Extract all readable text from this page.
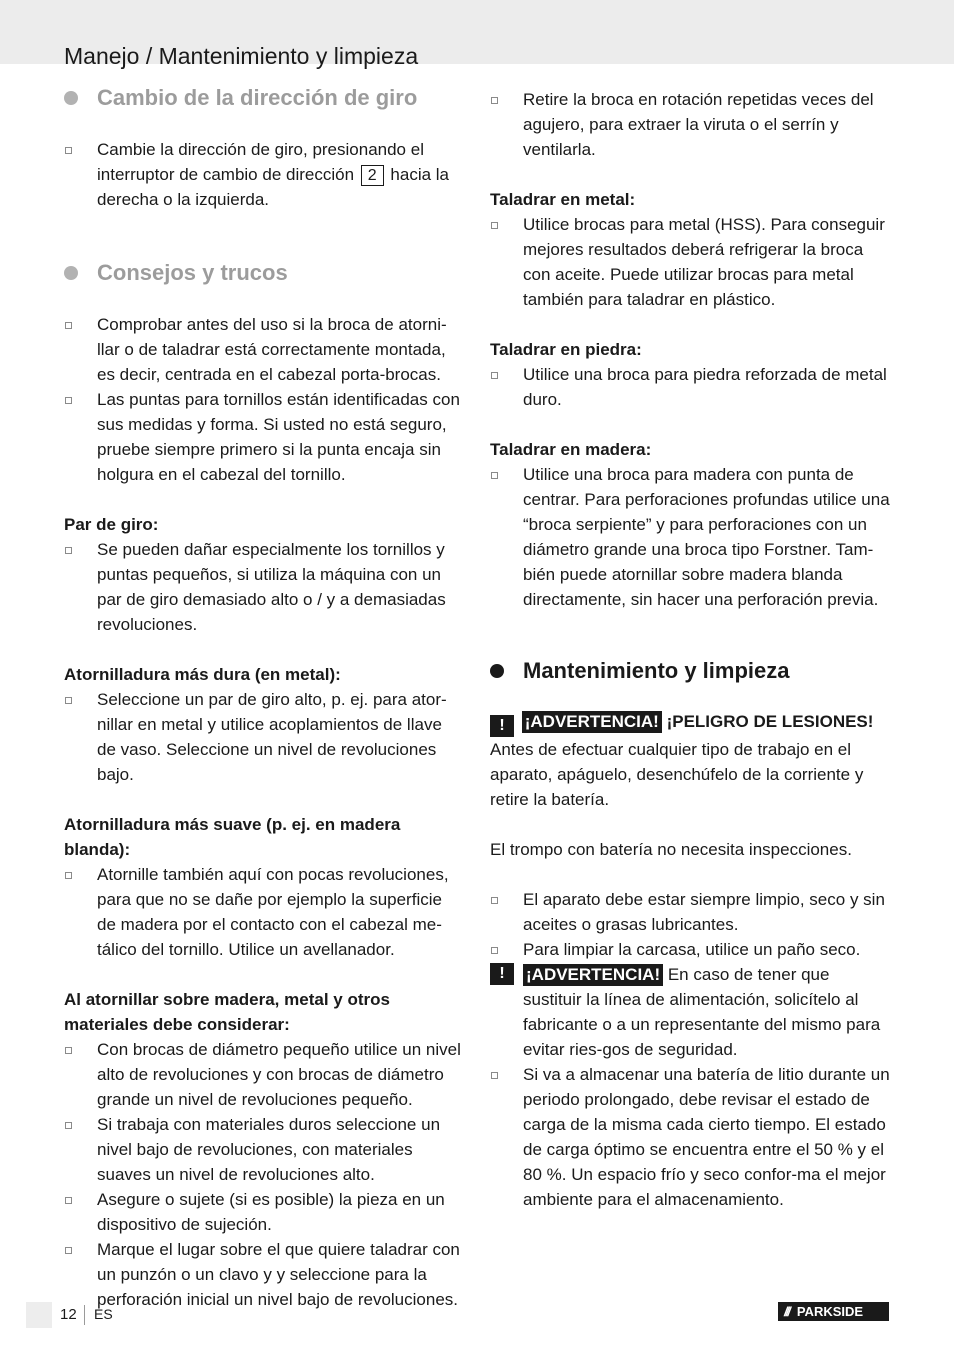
Manejo / Mantenimiento y limpieza
Cambio de la dirección de giro
Cambie la dirección de giro, presionando el interruptor de cambio de dirección 2 hacia la derecha o la izquierda.
Consejos y trucos
Comprobar antes del uso si la broca de atorni-llar o de taladrar está correctamente montada, es decir, centrada en el cabezal porta-brocas.
Las puntas para tornillos están identificadas con sus medidas y forma. Si usted no está seguro, pruebe siempre primero si la punta encaja sin holgura en el cabezal del tornillo.

Par de giro:

Se pueden dañar especialmente los tornillos y puntas pequeños, si utiliza la máquina con un par de giro demasiado alto o / y a demasiadas revoluciones.

Atornilladura más dura (en metal):

Seleccione un par de giro alto, p. ej. para ator-nillar en metal y utilice acoplamientos de llave de vaso. Seleccione un nivel de revoluciones bajo.

Atornilladura más suave (p. ej. en madera blanda):

Atornille también aquí con pocas revoluciones, para que no se dañe por ejemplo la superficie de madera por el contacto con el cabezal me-tálico del tornillo. Utilice un avellanador.

Al atornillar sobre madera, metal y otros materiales debe considerar:

Con brocas de diámetro pequeño utilice un nivel alto de revoluciones y con brocas de diámetro grande un nivel de revoluciones pequeño.
Si trabaja con materiales duros seleccione un nivel bajo de revoluciones, con materiales suaves un nivel de revoluciones alto.
Asegure o sujete (si es posible) la pieza en un dispositivo de sujeción.
Marque el lugar sobre el que quiere taladrar con un punzón o un clavo y y seleccione para la perforación inicial un nivel bajo de revoluciones.
Retire la broca en rotación repetidas veces del agujero, para extraer la viruta o el serrín y ventilarla.

Taladrar en metal:

Utilice brocas para metal (HSS). Para conseguir mejores resultados deberá refrigerar la broca con aceite. Puede utilizar brocas para metal también para taladrar en plástico.

Taladrar en piedra:

Utilice una broca para piedra reforzada de metal duro.

Taladrar en madera:

Utilice una broca para madera con punta de centrar. Para perforaciones profundas utilice una “broca serpiente” y para perforaciones con un diámetro grande una broca tipo Forstner. Tam-bién puede atornillar sobre madera blanda directamente, sin hacer una perforación previa.
Mantenimiento y limpieza
! ¡ADVERTENCIA! ¡PELIGRO DE LESIONES!

Antes de efectuar cualquier tipo de trabajo en el aparato, apáguelo, desenchúfelo de la corriente y retire la batería.

El trompo con batería no necesita inspecciones.

El aparato debe estar siempre limpio, seco y sin aceites o grasas lubricantes.
Para limpiar la carcasa, utilice un paño seco.
!	¡ADVERTENCIA! En caso de tener que sustituir la línea de alimentación, solicítelo al fabricante o a un representante del mismo para evitar ries-gos de seguridad.
Si va a almacenar una batería de litio durante un periodo prolongado, debe revisar el estado de carga de la misma cada cierto tiempo. El estado de carga óptimo se encuentra entre el 50 % y el 80 %. Un espacio frío y seco confor-ma el mejor ambiente para el almacenamiento.
12 ES	/// PARKSIDE
